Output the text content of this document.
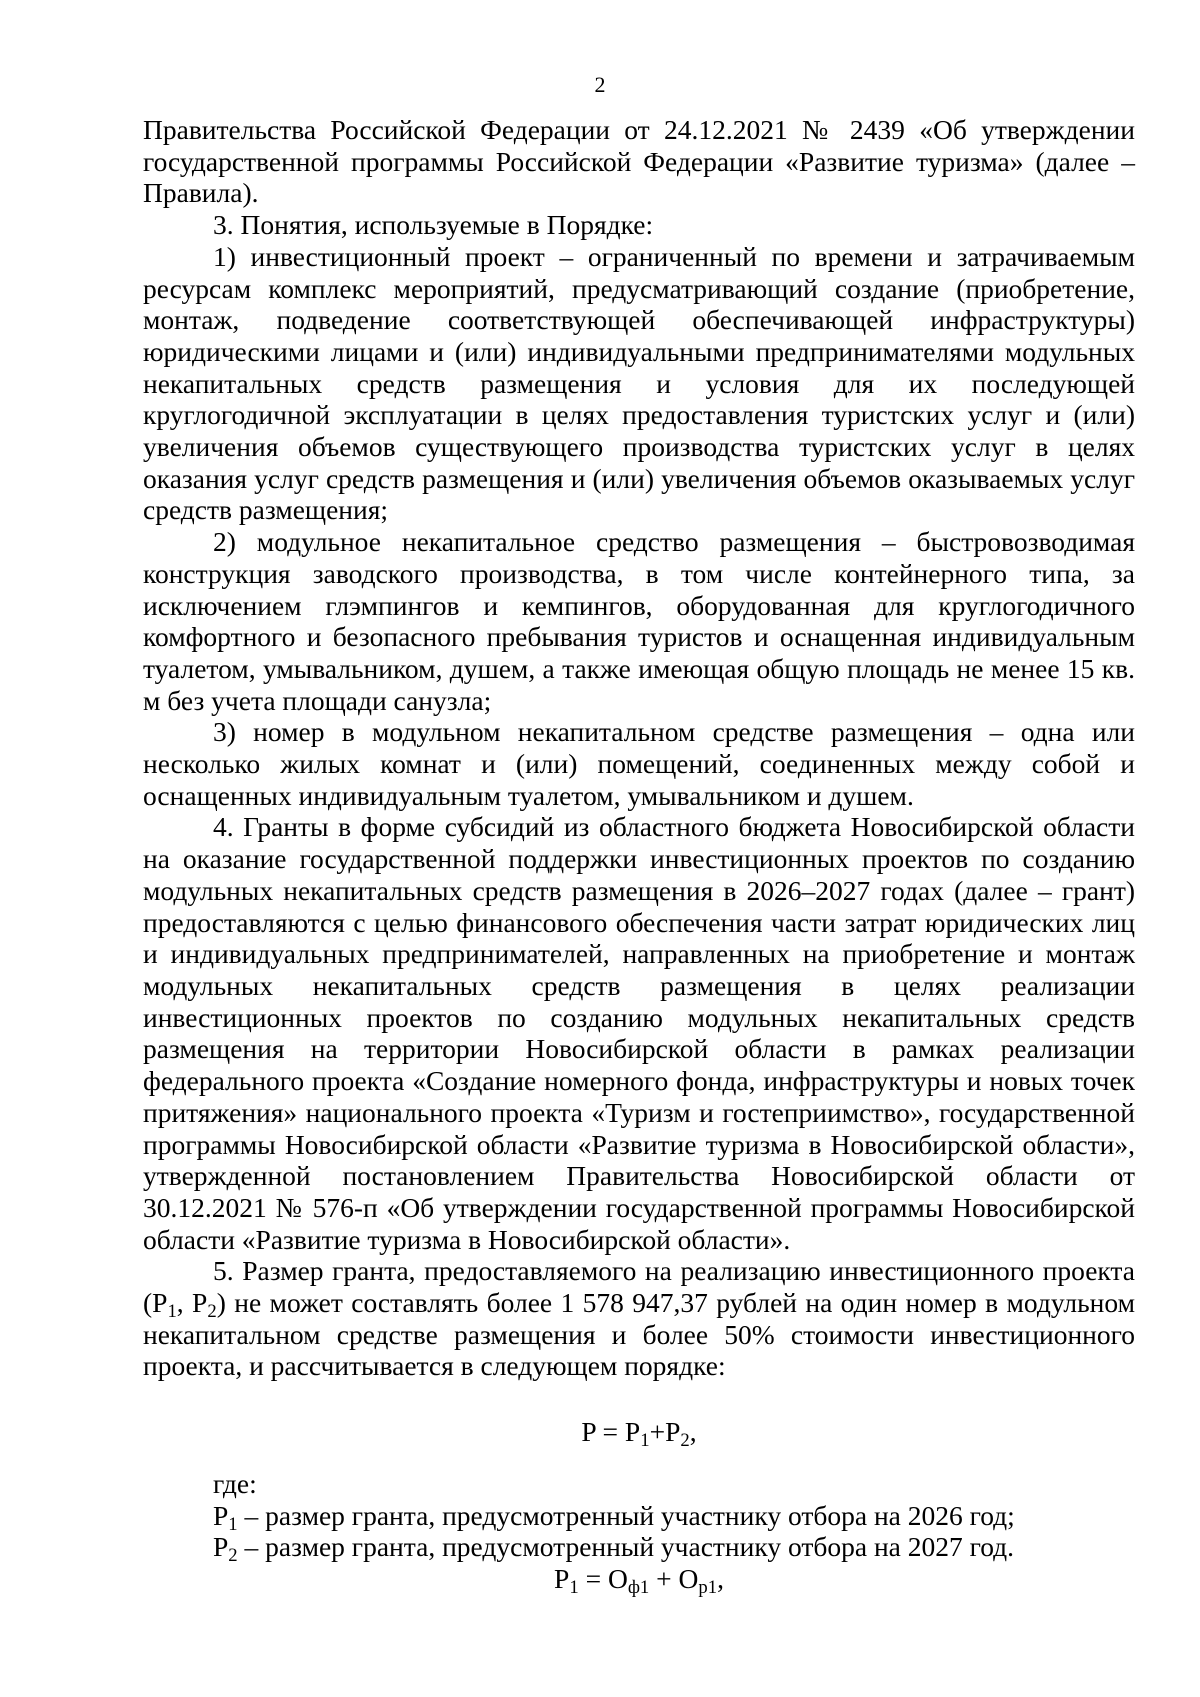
2

Правительства Российской Федерации от 24.12.2021 № 2439 «Об утверждении государственной программы Российской Федерации «Развитие туризма» (далее – Правила).

3. Понятия, используемые в Порядке:

1) инвестиционный проект – ограниченный по времени и затрачиваемым ресурсам комплекс мероприятий, предусматривающий создание (приобретение, монтаж, подведение соответствующей обеспечивающей инфраструктуры) юридическими лицами и (или) индивидуальными предпринимателями модульных некапитальных средств размещения и условия для их последующей круглогодичной эксплуатации в целях предоставления туристских услуг и (или) увеличения объемов существующего производства туристских услуг в целях оказания услуг средств размещения и (или) увеличения объемов оказываемых услуг средств размещения;

2) модульное некапитальное средство размещения – быстровозводимая конструкция заводского производства, в том числе контейнерного типа, за исключением глэмпингов и кемпингов, оборудованная для круглогодичного комфортного и безопасного пребывания туристов и оснащенная индивидуальным туалетом, умывальником, душем, а также имеющая общую площадь не менее 15 кв. м без учета площади санузла;

3) номер в модульном некапитальном средстве размещения – одна или несколько жилых комнат и (или) помещений, соединенных между собой и оснащенных индивидуальным туалетом, умывальником и душем.

4. Гранты в форме субсидий из областного бюджета Новосибирской области на оказание государственной поддержки инвестиционных проектов по созданию модульных некапитальных средств размещения в 2026–2027 годах (далее – грант) предоставляются с целью финансового обеспечения части затрат юридических лиц и индивидуальных предпринимателей, направленных на приобретение и монтаж модульных некапитальных средств размещения в целях реализации инвестиционных проектов по созданию модульных некапитальных средств размещения на территории Новосибирской области в рамках реализации федерального проекта «Создание номерного фонда, инфраструктуры и новых точек притяжения» национального проекта «Туризм и гостеприимство», государственной программы Новосибирской области «Развитие туризма в Новосибирской области», утвержденной постановлением Правительства Новосибирской области от 30.12.2021 № 576-п «Об утверждении государственной программы Новосибирской области «Развитие туризма в Новосибирской области».

5. Размер гранта, предоставляемого на реализацию инвестиционного проекта ($P_1$, $P_2$) не может составлять более 1 578 947,37 рублей на один номер в модульном некапитальном средстве размещения и более 50% стоимости инвестиционного проекта, и рассчитывается в следующем порядке:

$P = P_1+P_2$,

где:

$P_1$ – размер гранта, предусмотренный участнику отбора на 2026 год;

$P_2$ – размер гранта, предусмотренный участнику отбора на 2027 год.

$P_1 = O_{ф1} + O_{р1}$,
